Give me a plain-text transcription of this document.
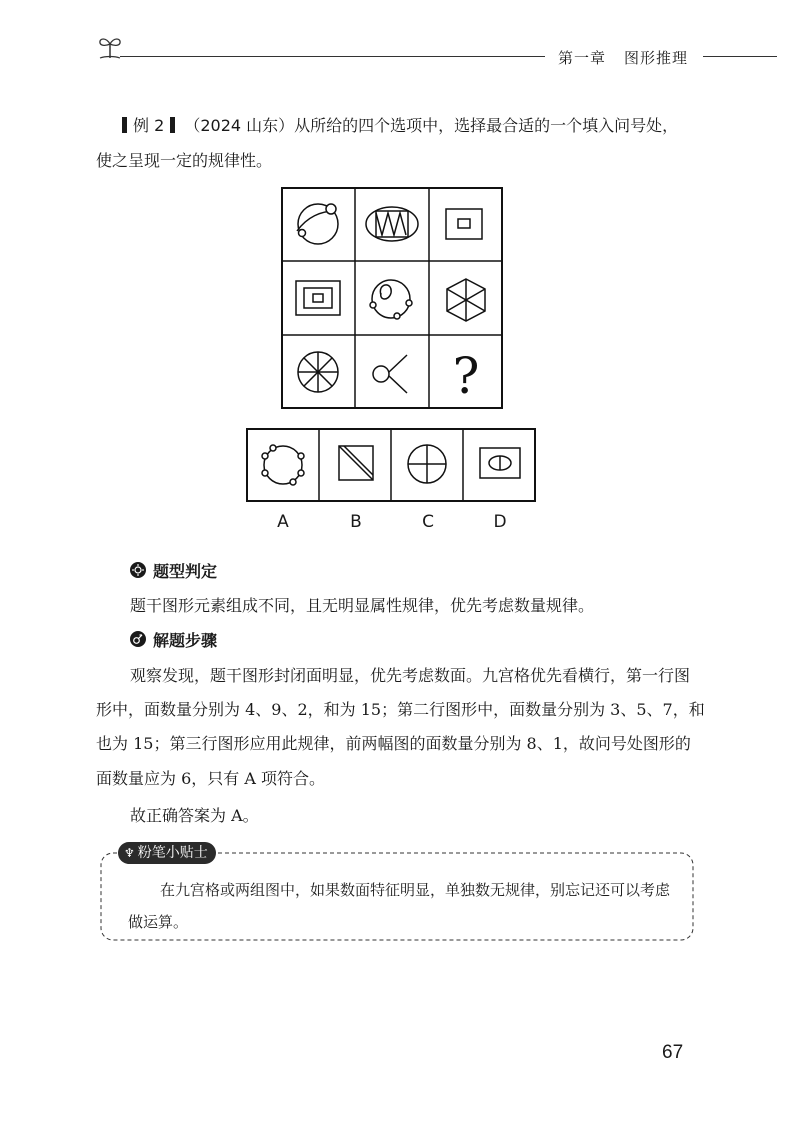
第一章 图形推理
例 2 （2024 山东）从所给的四个选项中，选择最合适的一个填入问号处，
使之呈现一定的规律性。
?
A	B	C	D
题型判定
题干图形元素组成不同，且无明显属性规律，优先考虑数量规律。
解题步骤
观察发现，题干图形封闭面明显，优先考虑数面。九宫格优先看横行，第一行图
形中，面数量分别为 4、9、2，和为 15；第二行图形中，面数量分别为 3、5、7，和
也为 15；第三行图形应用此规律，前两幅图的面数量分别为 8、1，故问号处图形的
面数量应为 6，只有 A 项符合。
故正确答案为 A。
♆ 粉笔小贴士
在九宫格或两组图中，如果数面特征明显，单独数无规律，别忘记还可以考虑
做运算。
67
